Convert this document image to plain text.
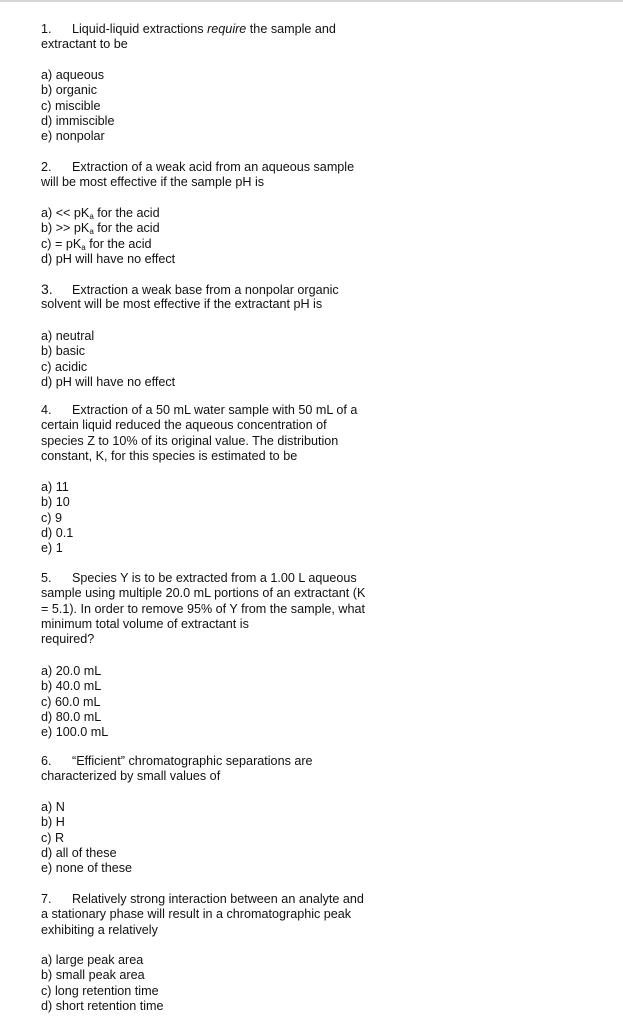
1. Liquid-liquid extractions require the sample and
extractant to be
a) aqueous
b) organic
c) miscible
d) immiscible
e) nonpolar
2. Extraction of a weak acid from an aqueous sample
will be most effective if the sample pH is
$a) << pK_a$ for the acid
$b) >> pK_a$ for the acid
$c) = pK_a$ for the acid
d) pH will have no effect
3. Extraction a weak base from a nonpolar organic
solvent will be most effective if the extractant pH is
a) neutral
b) basic
c) acidic
d) pH will have no effect
4. Extraction of a 50 mL water sample with 50 mL of a
certain liquid reduced the aqueous concentration of
species Z to 10% of its original value. The distribution
constant, K, for this species is estimated to be
a) 11
b) 10
c) 9
d) 0.1
e) 1
5. Species Y is to be extracted from a 1.00 L aqueous
sample using multiple 20.0 mL portions of an extractant (K
= 5.1). In order to remove 95% of Y from the sample, what
minimum total volume of extractant is
required?
a) 20.0 mL
b) 40.0 mL
c) 60.0 mL
d) 80.0 mL
e) 100.0 mL
6. “Efficient” chromatographic separations are
characterized by small values of
a) N
b) H
c) R
d) all of these
e) none of these
7. Relatively strong interaction between an analyte and
a stationary phase will result in a chromatographic peak
exhibiting a relatively
a) large peak area
b) small peak area
c) long retention time
d) short retention time
